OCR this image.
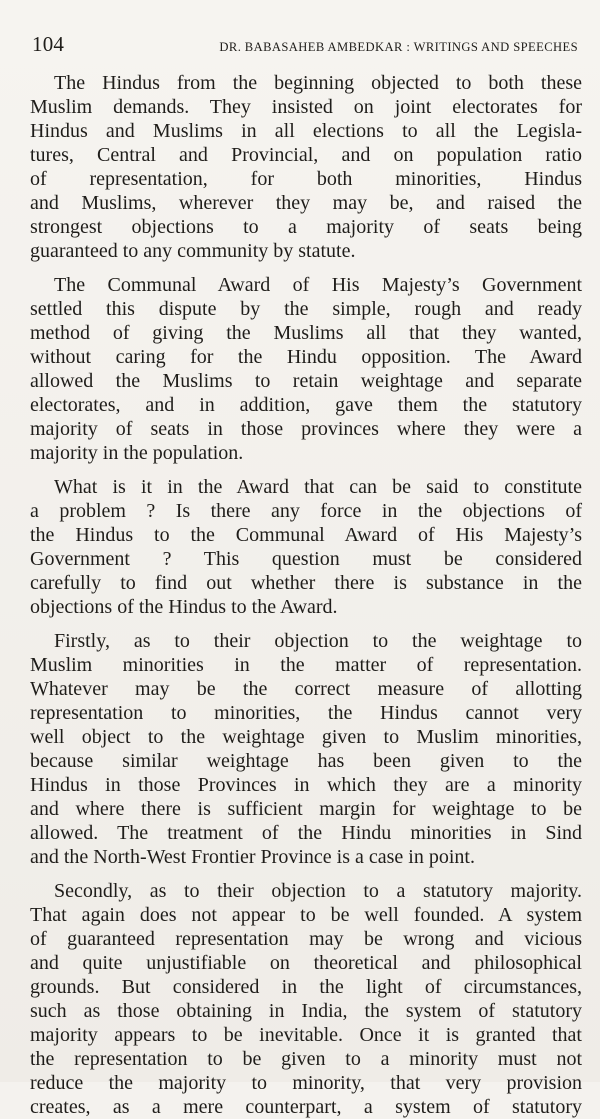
104	DR. BABASAHEB AMBEDKAR : WRITINGS AND SPEECHES

The Hindus from the beginning objected to both these
Muslim demands. They insisted on joint electorates for
Hindus and Muslims in all elections to all the Legisla-
tures, Central and Provincial, and on population ratio
of representation, for both minorities, Hindus
and Muslims, wherever they may be, and raised the
strongest objections to a majority of seats being
guaranteed to any community by statute.

The Communal Award of His Majesty’s Government
settled this dispute by the simple, rough and ready
method of giving the Muslims all that they wanted,
without caring for the Hindu opposition. The Award
allowed the Muslims to retain weightage and separate
electorates, and in addition, gave them the statutory
majority of seats in those provinces where they were a
majority in the population.

What is it in the Award that can be said to constitute
a problem ? Is there any force in the objections of
the Hindus to the Communal Award of His Majesty’s
Government ? This question must be considered
carefully to find out whether there is substance in the
objections of the Hindus to the Award.

Firstly, as to their objection to the weightage to
Muslim minorities in the matter of representation.
Whatever may be the correct measure of allotting
representation to minorities, the Hindus cannot very
well object to the weightage given to Muslim minorities,
because similar weightage has been given to the
Hindus in those Provinces in which they are a minority
and where there is sufficient margin for weightage to be
allowed. The treatment of the Hindu minorities in Sind
and the North-West Frontier Province is a case in point.

Secondly, as to their objection to a statutory majority.
That again does not appear to be well founded. A system
of guaranteed representation may be wrong and vicious
and quite unjustifiable on theoretical and philosophical
grounds. But considered in the light of circumstances,
such as those obtaining in India, the system of statutory
majority appears to be inevitable. Once it is granted that
the representation to be given to a minority must not
reduce the majority to minority, that very provision
creates, as a mere counterpart, a system of statutory
